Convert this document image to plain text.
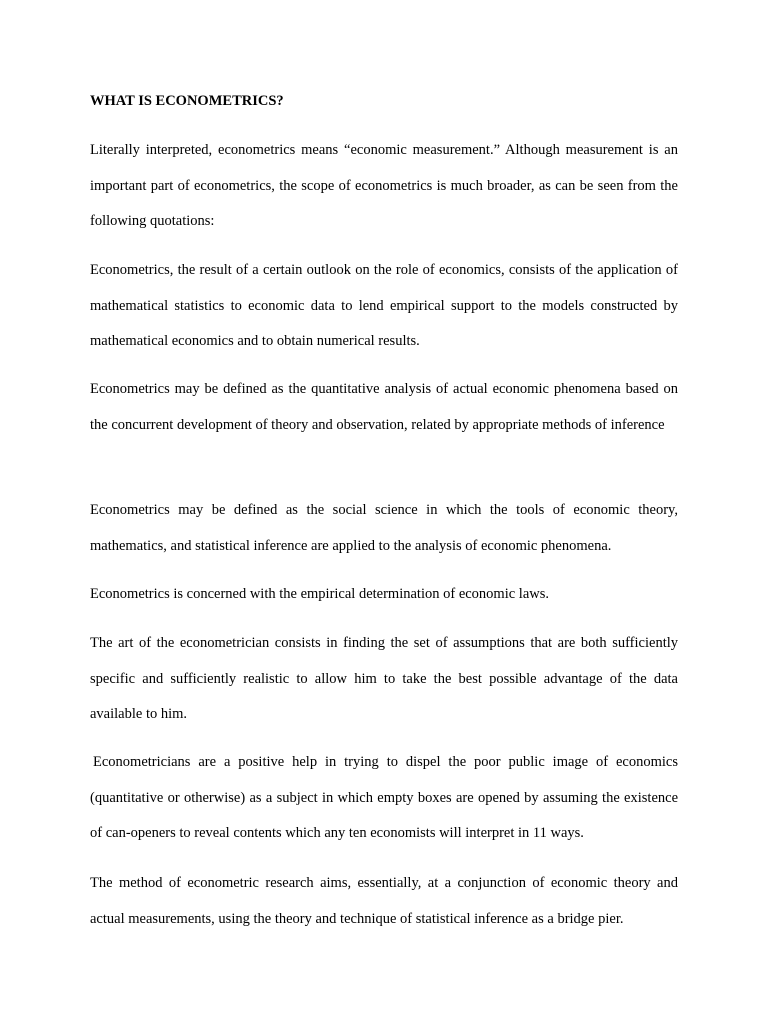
WHAT IS ECONOMETRICS?

Literally interpreted, econometrics means “economic measurement.” Although measurement is an important part of econometrics, the scope of econometrics is much broader, as can be seen from the following quotations:

Econometrics, the result of a certain outlook on the role of economics, consists of the application of mathematical statistics to economic data to lend empirical support to the models constructed by mathematical economics and to obtain numerical results.

Econometrics may be defined as the quantitative analysis of actual economic phenomena based on the concurrent development of theory and observation, related by appropriate methods of inference

Econometrics may be defined as the social science in which the tools of economic theory, mathematics, and statistical inference are applied to the analysis of economic phenomena.

Econometrics is concerned with the empirical determination of economic laws.

The art of the econometrician consists in finding the set of assumptions that are both sufficiently specific and sufficiently realistic to allow him to take the best possible advantage of the data available to him.

Econometricians are a positive help in trying to dispel the poor public image of economics (quantitative or otherwise) as a subject in which empty boxes are opened by assuming the existence of can-openers to reveal contents which any ten economists will interpret in 11 ways.

The method of econometric research aims, essentially, at a conjunction of economic theory and actual measurements, using the theory and technique of statistical inference as a bridge pier.
